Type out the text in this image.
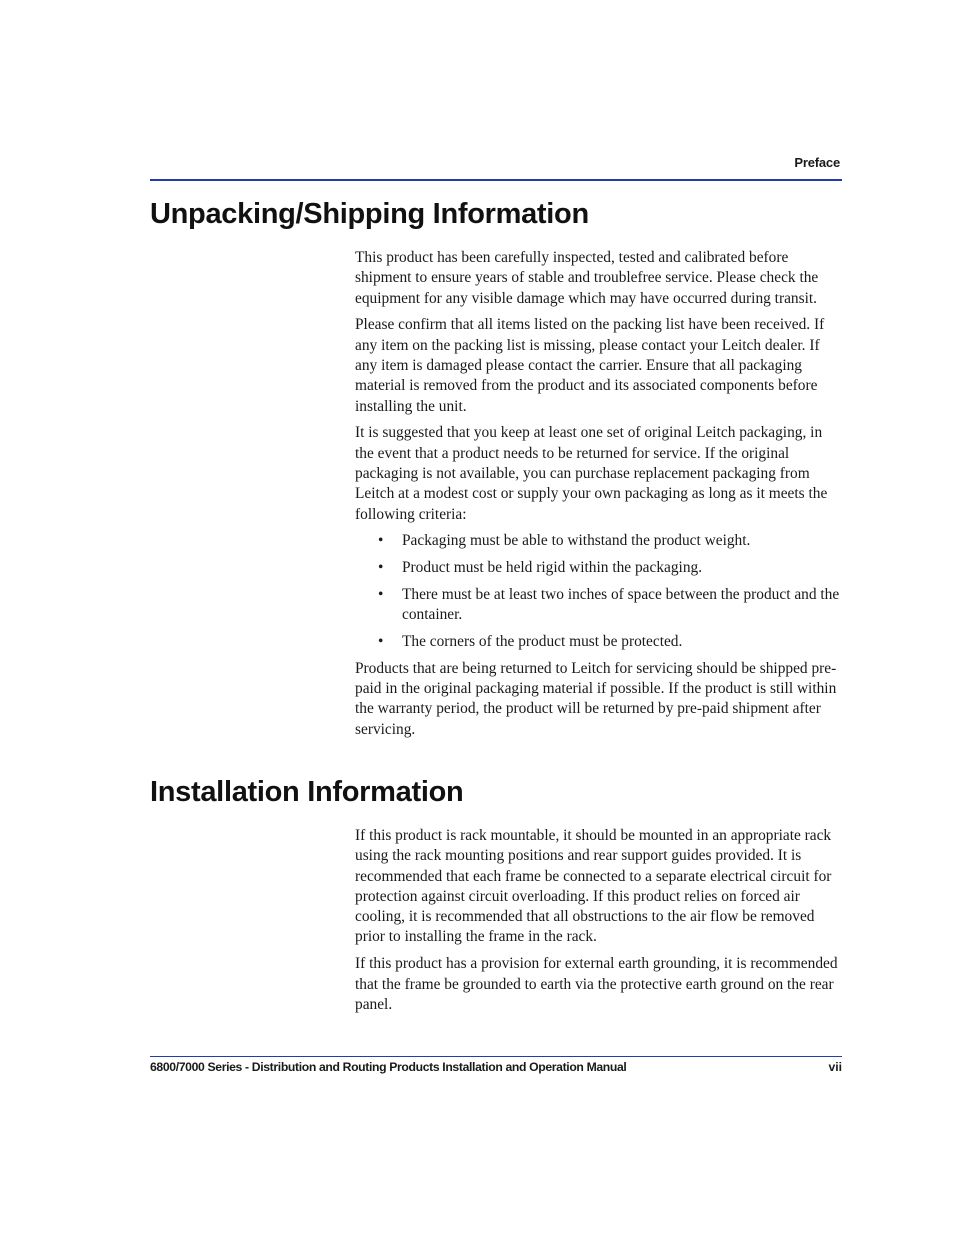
Preface
Unpacking/Shipping Information

This product has been carefully inspected, tested and calibrated before shipment to ensure years of stable and troublefree service. Please check the equipment for any visible damage which may have occurred during transit.

Please confirm that all items listed on the packing list have been received. If any item on the packing list is missing, please contact your Leitch dealer. If any item is damaged please contact the carrier. Ensure that all packaging material is removed from the product and its associated components before installing the unit.

It is suggested that you keep at least one set of original Leitch packaging, in the event that a product needs to be returned for service. If the original packaging is not available, you can purchase replacement packaging from Leitch at a modest cost or supply your own packaging as long as it meets the following criteria:

• Packaging must be able to withstand the product weight.
• Product must be held rigid within the packaging.
• There must be at least two inches of space between the product and the container.
• The corners of the product must be protected.

Products that are being returned to Leitch for servicing should be shipped pre-paid in the original packaging material if possible. If the product is still within the warranty period, the product will be returned by pre-paid shipment after servicing.

Installation Information

If this product is rack mountable, it should be mounted in an appropriate rack using the rack mounting positions and rear support guides provided. It is recommended that each frame be connected to a separate electrical circuit for protection against circuit overloading. If this product relies on forced air cooling, it is recommended that all obstructions to the air flow be removed prior to installing the frame in the rack.

If this product has a provision for external earth grounding, it is recommended that the frame be grounded to earth via the protective earth ground on the rear panel.

6800/7000 Series - Distribution and Routing Products Installation and Operation Manual	vii
